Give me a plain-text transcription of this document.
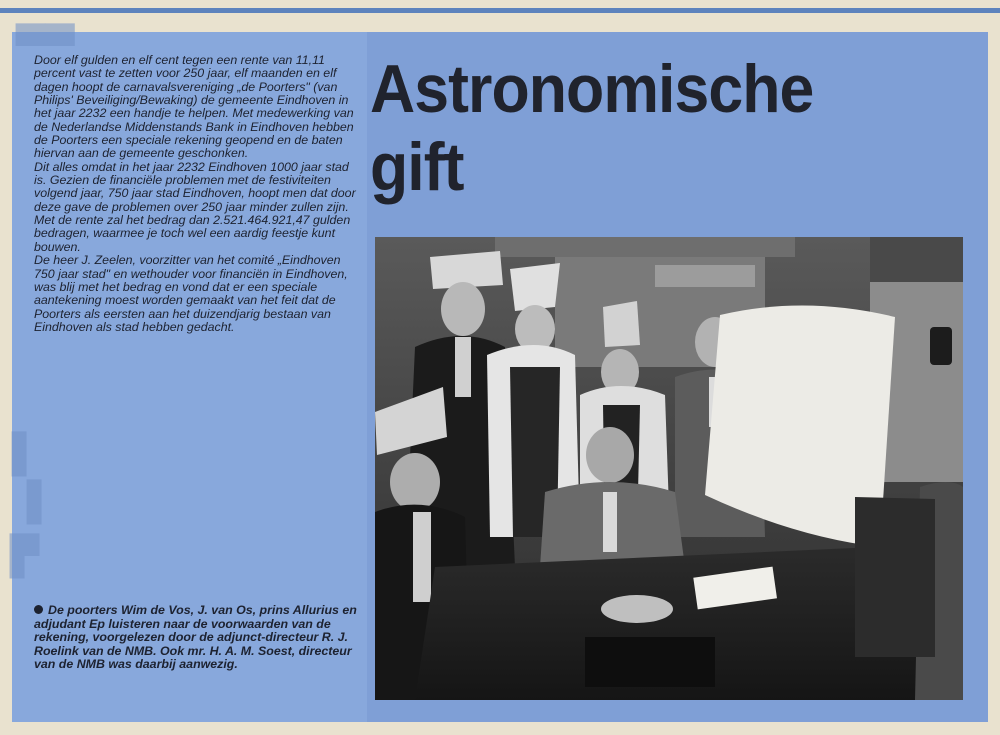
▀▀
▌
▐
▛

Door elf gulden en elf cent tegen een rente van 11,11 percent vast te zetten voor 250 jaar, elf maanden en elf dagen hoopt de carnavalsvereniging „de Poorters" (van Philips' Beveiliging/Bewaking) de gemeente Eindhoven in het jaar 2232 een handje te helpen. Met medewerking van de Nederlandse Middenstands Bank in Eindhoven hebben de Poorters een speciale rekening geopend en de baten hiervan aan de gemeente geschonken.

Dit alles omdat in het jaar 2232 Eindhoven 1000 jaar stad is. Gezien de financiële problemen met de festiviteiten volgend jaar, 750 jaar stad Eindhoven, hoopt men dat door deze gave de problemen over 250 jaar minder zullen zijn. Met de rente zal het bedrag dan 2.521.464.921,47 gulden bedragen, waarmee je toch wel een aardig feestje kunt bouwen.

De heer J. Zeelen, voorzitter van het comité „Eindhoven 750 jaar stad" en wethouder voor financiën in Eindhoven, was blij met het bedrag en vond dat er een speciale aantekening moest worden gemaakt van het feit dat de Poorters als eersten aan het duizendjarig bestaan van Eindhoven als stad hebben gedacht.

Astronomische
gift

De poorters Wim de Vos, J. van Os, prins Allurius en adjudant Ep luisteren naar de voorwaarden van de rekening, voorgelezen door de adjunct-directeur R. J. Roelink van de NMB. Ook mr. H. A. M. Soest, directeur van de NMB was daarbij aanwezig.
